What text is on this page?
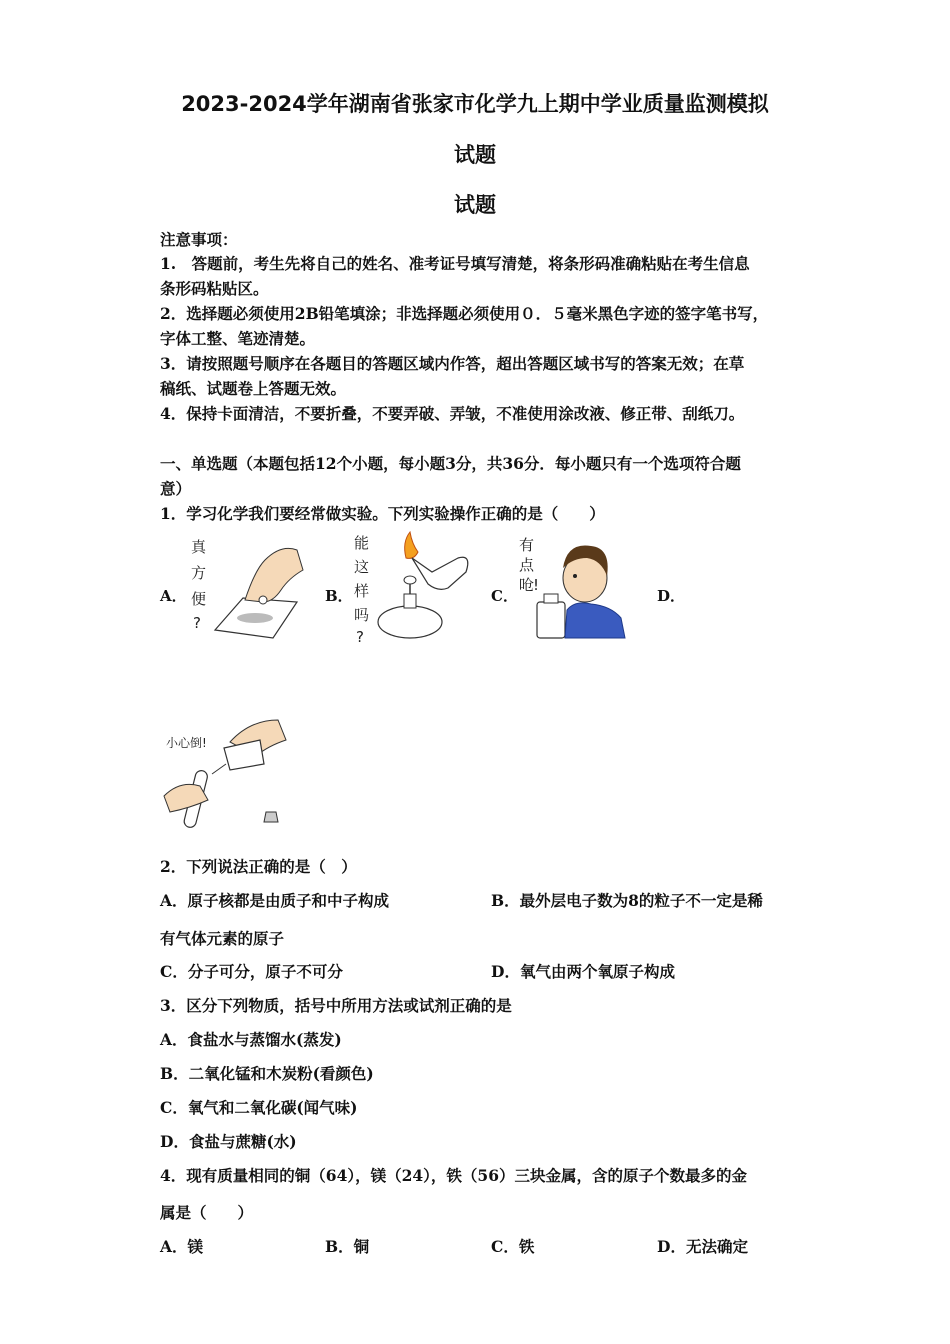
2023-2024学年湖南省张家市化学九上期中学业质量监测模拟
试题
试题
注意事项：
1.　答题前，考生先将自己的姓名、准考证号填写清楚，将条形码准确粘贴在考生信息
条形码粘贴区。
2．选择题必须使用2B铅笔填涂；非选择题必须使用０．５毫米黑色字迹的签字笔书写，
字体工整、笔迹清楚。
3．请按照题号顺序在各题目的答题区域内作答，超出答题区域书写的答案无效；在草
稿纸、试题卷上答题无效。
4．保持卡面清洁，不要折叠，不要弄破、弄皱，不准使用涂改液、修正带、刮纸刀。
一、单选题（本题包括12个小题，每小题3分，共36分．每小题只有一个选项符合题
意）
1．学习化学我们要经常做实验。下列实验操作正确的是（　　）
A．	B．	C．	D．
真
方
便
?
能
这
样
吗
?
有
点
呛
!
小心倒!
2．下列说法正确的是（　）
A．原子核都是由质子和中子构成	B．最外层电子数为8的粒子不一定是稀
有气体元素的原子
C．分子可分，原子不可分	D．氧气由两个氧原子构成
3．区分下列物质，括号中所用方法或试剂正确的是
A．食盐水与蒸馏水(蒸发)
B．二氧化锰和木炭粉(看颜色)
C．氧气和二氧化碳(闻气味)
D．食盐与蔗糖(水)
4．现有质量相同的铜（64），镁（24），铁（56）三块金属，含的原子个数最多的金
属是（　　）
A．镁	B．铜	C．铁	D．无法确定
